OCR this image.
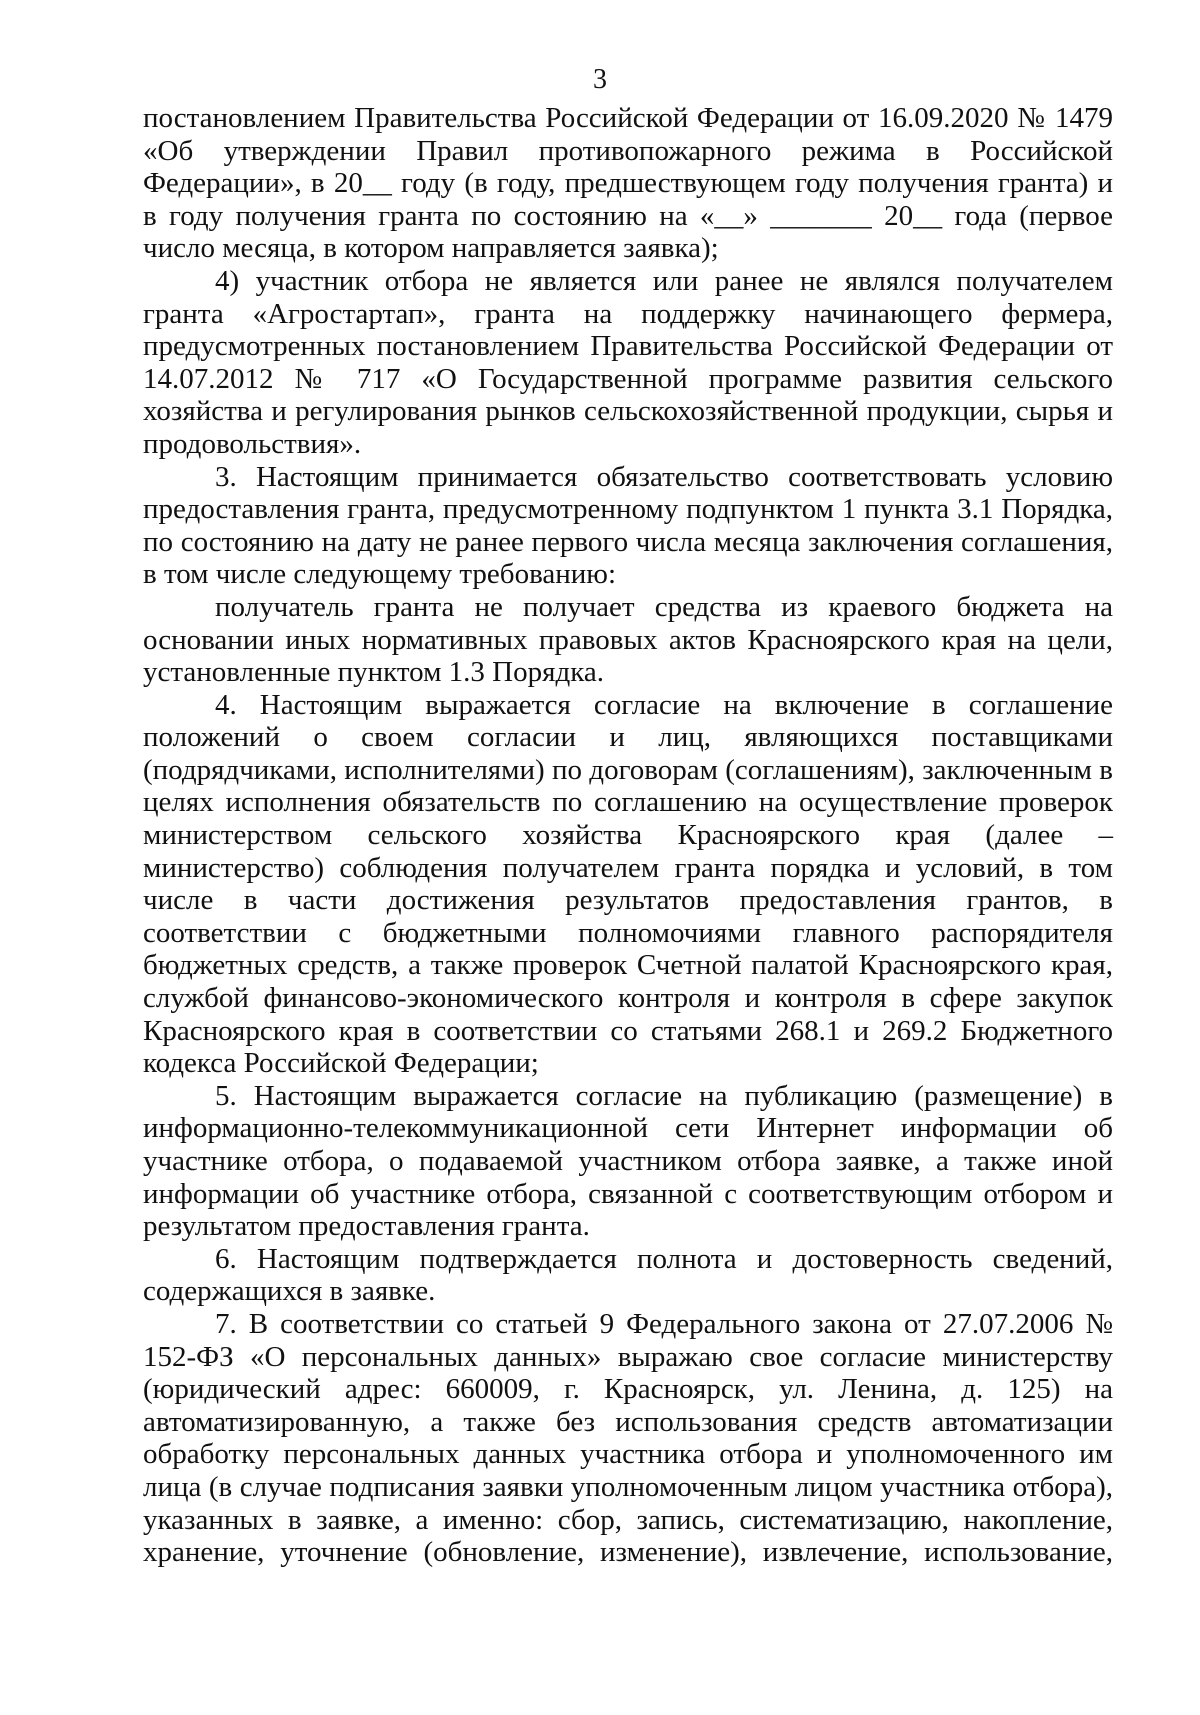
3

постановлением Правительства Российской Федерации от 16.09.2020 № 1479 «Об утверждении Правил противопожарного режима в Российской Федерации», в 20__ году (в году, предшествующем году получения гранта) и в году получения гранта по состоянию на «__» _______ 20__ года (первое число месяца, в котором направляется заявка);

4) участник отбора не является или ранее не являлся получателем гранта «Агростартап», гранта на поддержку начинающего фермера, предусмотренных постановлением Правительства Российской Федерации от 14.07.2012 № 717 «О Государственной программе развития сельского хозяйства и регулирования рынков сельскохозяйственной продукции, сырья и продовольствия».

3. Настоящим принимается обязательство соответствовать условию предоставления гранта, предусмотренному подпунктом 1 пункта 3.1 Порядка, по состоянию на дату не ранее первого числа месяца заключения соглашения, в том числе следующему требованию:

получатель гранта не получает средства из краевого бюджета на основании иных нормативных правовых актов Красноярского края на цели, установленные пунктом 1.3 Порядка.

4. Настоящим выражается согласие на включение в соглашение положений о своем согласии и лиц, являющихся поставщиками (подрядчиками, исполнителями) по договорам (соглашениям), заключенным в целях исполнения обязательств по соглашению на осуществление проверок министерством сельского хозяйства Красноярского края (далее – министерство) соблюдения получателем гранта порядка и условий, в том числе в части достижения результатов предоставления грантов, в соответствии с бюджетными полномочиями главного распорядителя бюджетных средств, а также проверок Счетной палатой Красноярского края, службой финансово-экономического контроля и контроля в сфере закупок Красноярского края в соответствии со статьями 268.1 и 269.2 Бюджетного кодекса Российской Федерации;

5. Настоящим выражается согласие на публикацию (размещение) в информационно-телекоммуникационной сети Интернет информации об участнике отбора, о подаваемой участником отбора заявке, а также иной информации об участнике отбора, связанной с соответствующим отбором и результатом предоставления гранта.

6. Настоящим подтверждается полнота и достоверность сведений, содержащихся в заявке.

7. В соответствии со статьей 9 Федерального закона от 27.07.2006 № 152-ФЗ «О персональных данных» выражаю свое согласие министерству (юридический адрес: 660009, г. Красноярск, ул. Ленина, д. 125) на автоматизированную, а также без использования средств автоматизации обработку персональных данных участника отбора и уполномоченного им лица (в случае подписания заявки уполномоченным лицом участника отбора), указанных в заявке, а именно: сбор, запись, систематизацию, накопление, хранение, уточнение (обновление, изменение), извлечение, использование,
